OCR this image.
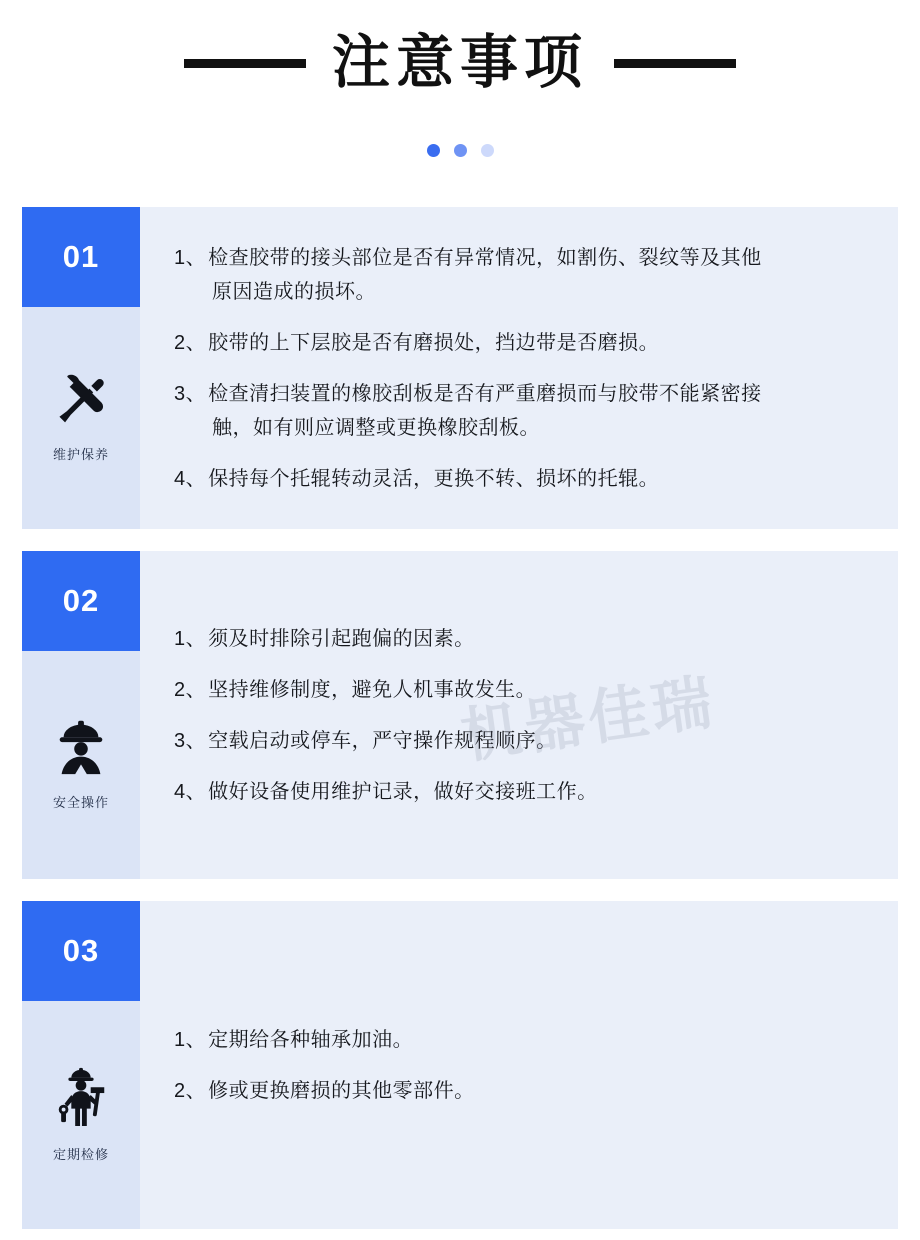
注意事项
01
维护保养
1、 检查胶带的接头部位是否有异常情况，如割伤、裂纹等及其他
原因造成的损坏。
2、 胶带的上下层胶是否有磨损处，挡边带是否磨损。
3、 检查清扫装置的橡胶刮板是否有严重磨损而与胶带不能紧密接
触，如有则应调整或更换橡胶刮板。
4、 保持每个托辊转动灵活，更换不转、损坏的托辊。
02
安全操作
1、 须及时排除引起跑偏的因素。
2、 坚持维修制度，避免人机事故发生。
3、 空载启动或停车，严守操作规程顺序。
4、 做好设备使用维护记录，做好交接班工作。
03
定期检修
1、 定期给各种轴承加油。
2、 修或更换磨损的其他零部件。
